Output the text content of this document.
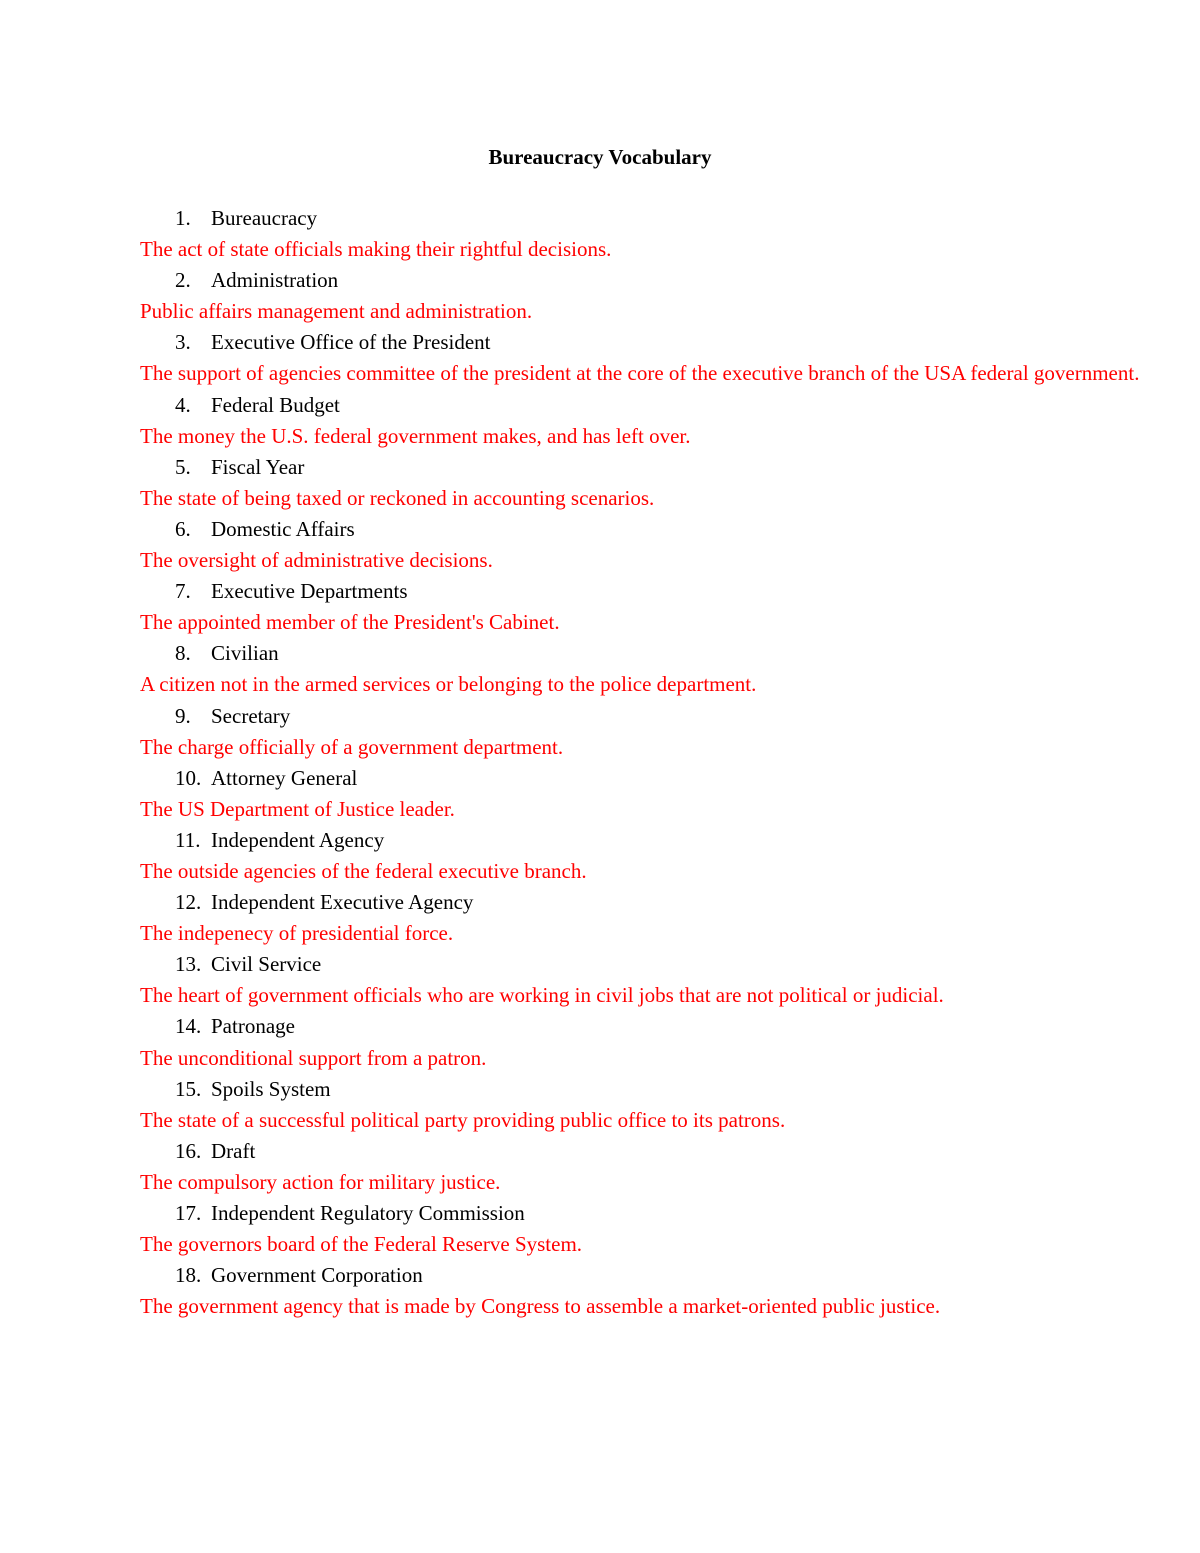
Bureaucracy Vocabulary
1. Bureaucracy
The act of state officials making their rightful decisions.
2. Administration
Public affairs management and administration.
3. Executive Office of the President
The support of agencies committee of the president at the core of the executive branch of the USA federal government.
4. Federal Budget
The money the U.S. federal government makes, and has left over.
5. Fiscal Year
The state of being taxed or reckoned in accounting scenarios.
6. Domestic Affairs
The oversight of administrative decisions.
7. Executive Departments
The appointed member of the President's Cabinet.
8. Civilian
A citizen not in the armed services or belonging to the police department.
9. Secretary
The charge officially of a government department.
10. Attorney General
The US Department of Justice leader.
11. Independent Agency
The outside agencies of the federal executive branch.
12. Independent Executive Agency
The indepenecy of presidential force.
13. Civil Service
The heart of government officials who are working in civil jobs that are not political or judicial.
14. Patronage
The unconditional support from a patron.
15. Spoils System
The state of a successful political party providing public office to its patrons.
16. Draft
The compulsory action for military justice.
17. Independent Regulatory Commission
The governors board of the Federal Reserve System.
18. Government Corporation
The government agency that is made by Congress to assemble a market-oriented public justice.
